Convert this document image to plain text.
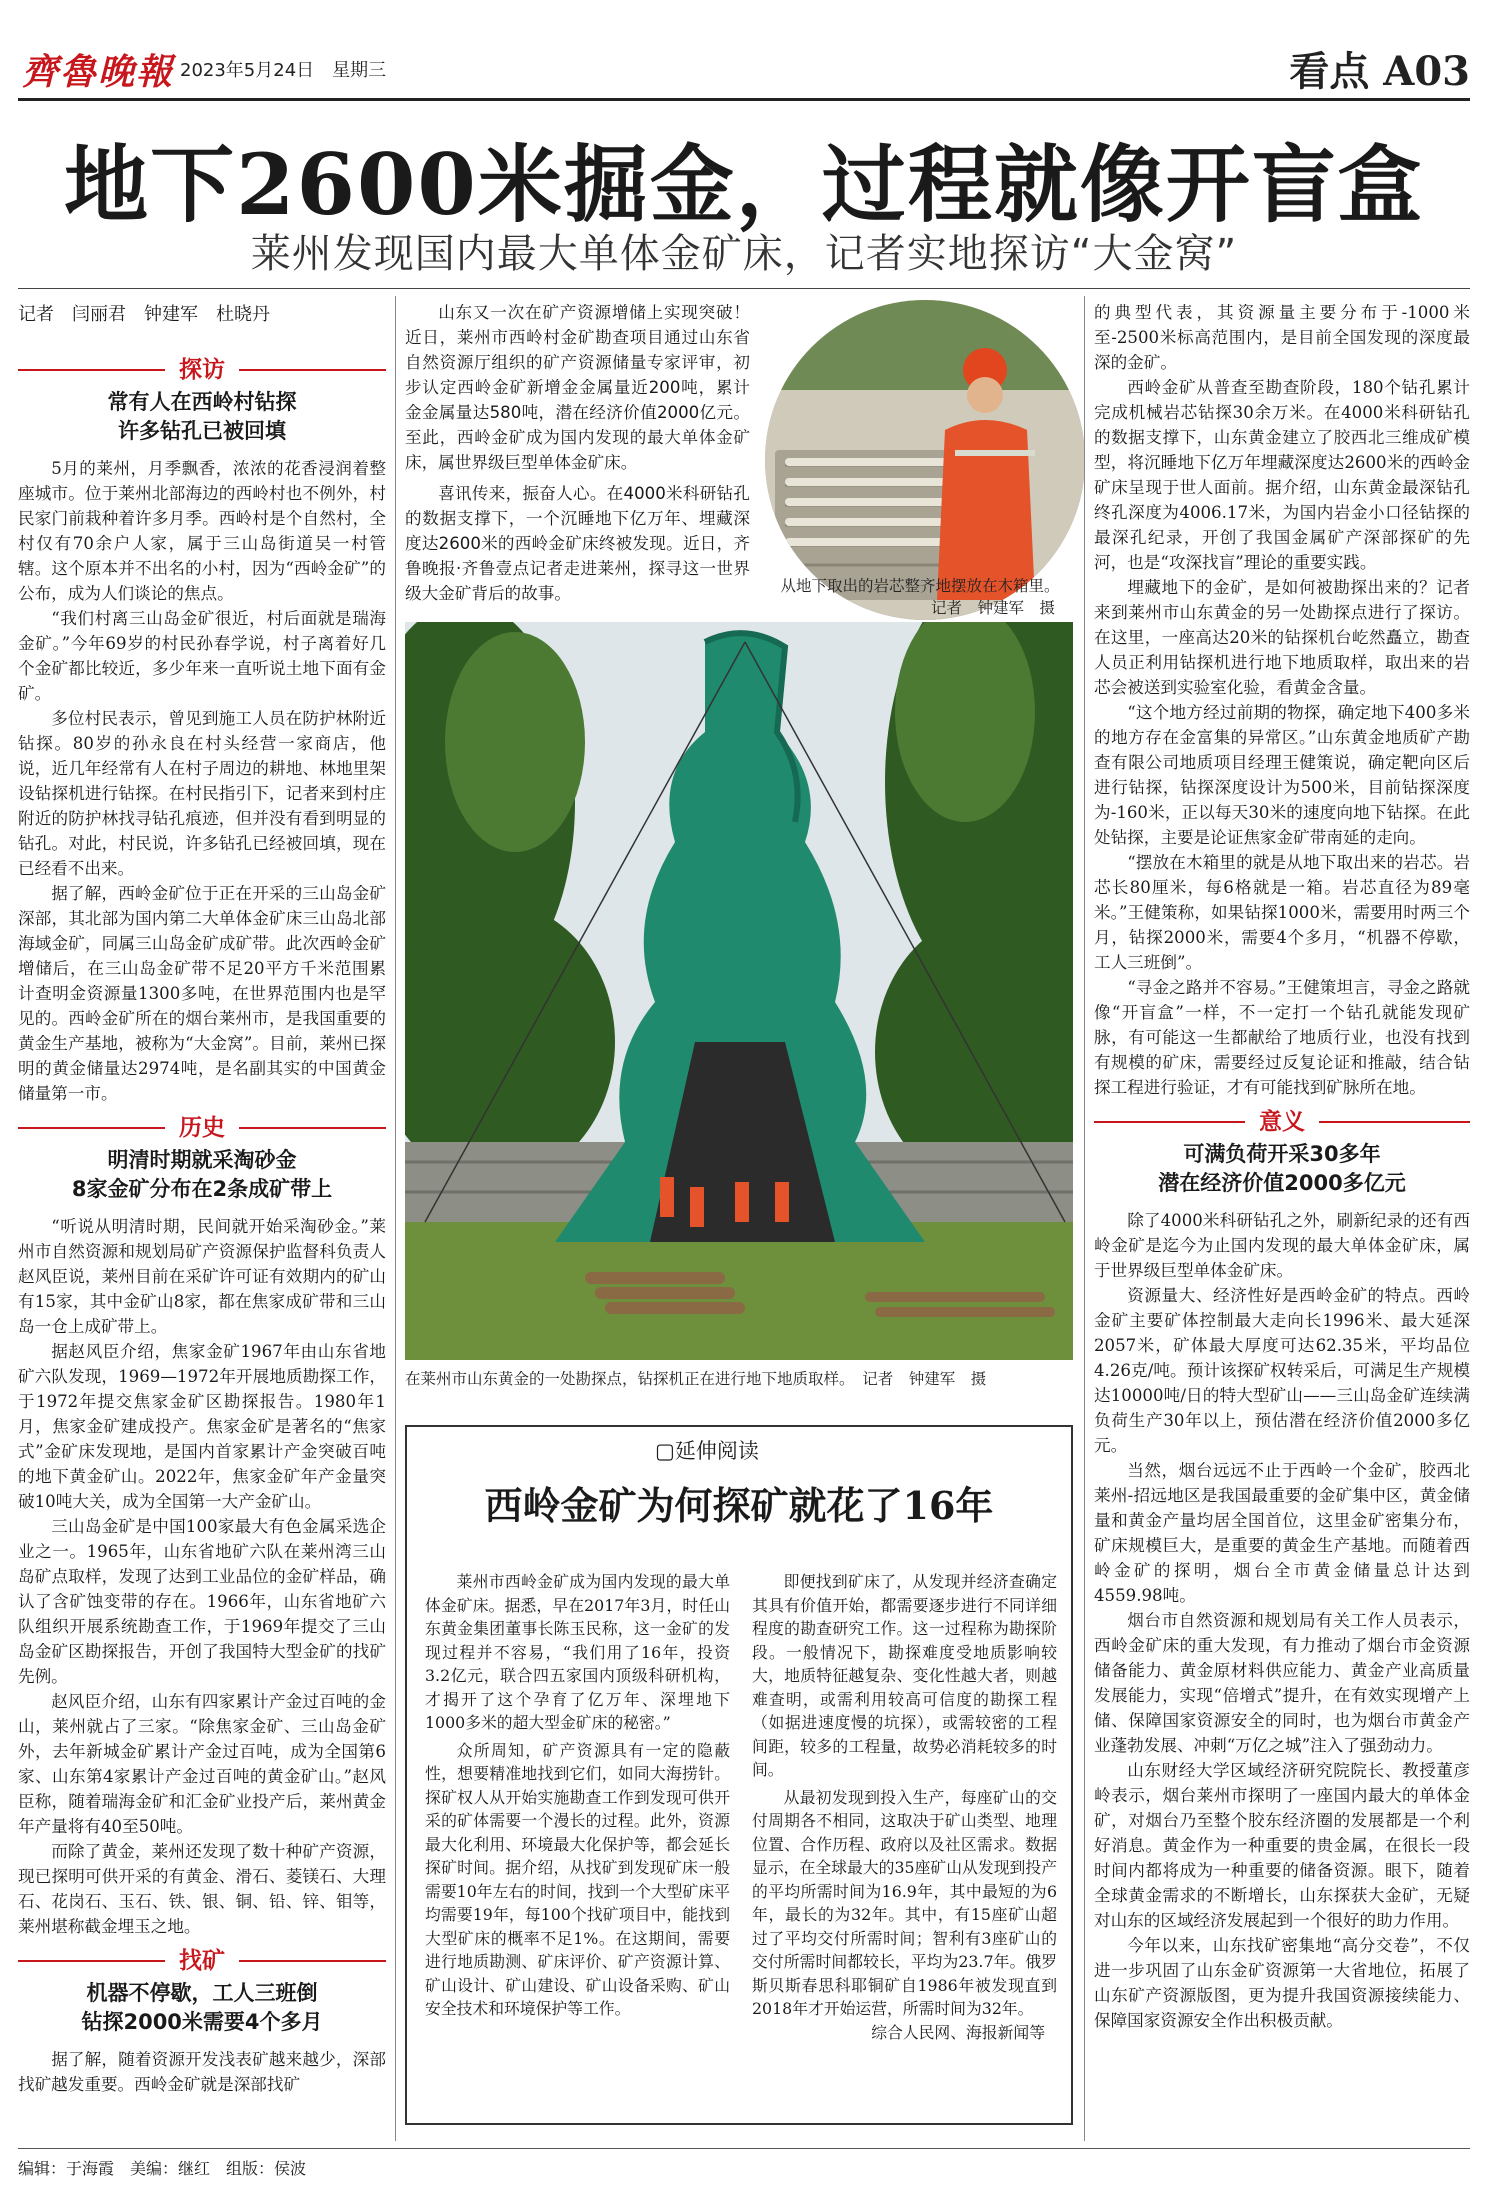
齊魯晚報 2023年5月24日　星期三	看点 A03
地下2600米掘金，过程就像开盲盒
莱州发现国内最大单体金矿床，记者实地探访“大金窝”
记者　闫丽君　钟建军　杜晓丹
探访
常有人在西岭村钻探
许多钻孔已被回填

5月的莱州，月季飘香，浓浓的花香浸润着整座城市。位于莱州北部海边的西岭村也不例外，村民家门前栽种着许多月季。西岭村是个自然村，全村仅有70余户人家，属于三山岛街道吴一村管辖。这个原本并不出名的小村，因为“西岭金矿”的公布，成为人们谈论的焦点。

“我们村离三山岛金矿很近，村后面就是瑞海金矿。”今年69岁的村民孙春学说，村子离着好几个金矿都比较近，多少年来一直听说土地下面有金矿。

多位村民表示，曾见到施工人员在防护林附近钻探。80岁的孙永良在村头经营一家商店，他说，近几年经常有人在村子周边的耕地、林地里架设钻探机进行钻探。在村民指引下，记者来到村庄附近的防护林找寻钻孔痕迹，但并没有看到明显的钻孔。对此，村民说，许多钻孔已经被回填，现在已经看不出来。

据了解，西岭金矿位于正在开采的三山岛金矿深部，其北部为国内第二大单体金矿床三山岛北部海域金矿，同属三山岛金矿成矿带。此次西岭金矿增储后，在三山岛金矿带不足20平方千米范围累计查明金资源量1300多吨，在世界范围内也是罕见的。西岭金矿所在的烟台莱州市，是我国重要的黄金生产基地，被称为“大金窝”。目前，莱州已探明的黄金储量达2974吨，是名副其实的中国黄金储量第一市。

历史
明清时期就采淘砂金
8家金矿分布在2条成矿带上

“听说从明清时期，民间就开始采淘砂金。”莱州市自然资源和规划局矿产资源保护监督科负责人赵风臣说，莱州目前在采矿许可证有效期内的矿山有15家，其中金矿山8家，都在焦家成矿带和三山岛一仓上成矿带上。

据赵风臣介绍，焦家金矿1967年由山东省地矿六队发现，1969—1972年开展地质勘探工作，于1972年提交焦家金矿区勘探报告。1980年1月，焦家金矿建成投产。焦家金矿是著名的“焦家式”金矿床发现地，是国内首家累计产金突破百吨的地下黄金矿山。2022年，焦家金矿年产金量突破10吨大关，成为全国第一大产金矿山。

三山岛金矿是中国100家最大有色金属采选企业之一。1965年，山东省地矿六队在莱州湾三山岛矿点取样，发现了达到工业品位的金矿样品，确认了含矿蚀变带的存在。1966年，山东省地矿六队组织开展系统勘查工作，于1969年提交了三山岛金矿区勘探报告，开创了我国特大型金矿的找矿先例。

赵风臣介绍，山东有四家累计产金过百吨的金山，莱州就占了三家。“除焦家金矿、三山岛金矿外，去年新城金矿累计产金过百吨，成为全国第6家、山东第4家累计产金过百吨的黄金矿山。”赵风臣称，随着瑞海金矿和汇金矿业投产后，莱州黄金年产量将有40至50吨。

而除了黄金，莱州还发现了数十种矿产资源，现已探明可供开采的有黄金、滑石、菱镁石、大理石、花岗石、玉石、铁、银、铜、铅、锌、钼等，莱州堪称截金埋玉之地。

找矿
机器不停歇，工人三班倒
钻探2000米需要4个多月

据了解，随着资源开发浅表矿越来越少，深部找矿越发重要。西岭金矿就是深部找矿

山东又一次在矿产资源增储上实现突破！近日，莱州市西岭村金矿勘查项目通过山东省自然资源厅组织的矿产资源储量专家评审，初步认定西岭金矿新增金金属量近200吨，累计金金属量达580吨，潜在经济价值2000亿元。至此，西岭金矿成为国内发现的最大单体金矿床，属世界级巨型单体金矿床。

喜讯传来，振奋人心。在4000米科研钻孔的数据支撑下，一个沉睡地下亿万年、埋藏深度达2600米的西岭金矿床终被发现。近日，齐鲁晚报·齐鲁壹点记者走进莱州，探寻这一世界级大金矿背后的故事。	从地下取出的岩芯整齐地摆放在木箱里。
记者　钟建军　摄
在莱州市山东黄金的一处勘探点，钻探机正在进行地下地质取样。　记者　钟建军　摄
▢延伸阅读
西岭金矿为何探矿就花了16年

莱州市西岭金矿成为国内发现的最大单体金矿床。据悉，早在2017年3月，时任山东黄金集团董事长陈玉民称，这一金矿的发现过程并不容易，“我们用了16年，投资3.2亿元，联合四五家国内顶级科研机构，才揭开了这个孕育了亿万年、深埋地下1000多米的超大型金矿床的秘密。”

众所周知，矿产资源具有一定的隐蔽性，想要精准地找到它们，如同大海捞针。探矿权人从开始实施勘查工作到发现可供开采的矿体需要一个漫长的过程。此外，资源最大化利用、环境最大化保护等，都会延长探矿时间。据介绍，从找矿到发现矿床一般需要10年左右的时间，找到一个大型矿床平均需要19年，每100个找矿项目中，能找到大型矿床的概率不足1%。在这期间，需要进行地质勘测、矿床评价、矿产资源计算、矿山设计、矿山建设、矿山设备采购、矿山安全技术和环境保护等工作。

即便找到矿床了，从发现并经济查确定其具有价值开始，都需要逐步进行不同详细程度的勘查研究工作。这一过程称为勘探阶段。一般情况下，勘探难度受地质影响较大，地质特征越复杂、变化性越大者，则越难查明，或需利用较高可信度的勘探工程（如据进速度慢的坑探），或需较密的工程间距，较多的工程量，故势必消耗较多的时间。

从最初发现到投入生产，每座矿山的交付周期各不相同，这取决于矿山类型、地理位置、合作历程、政府以及社区需求。数据显示，在全球最大的35座矿山从发现到投产的平均所需时间为16.9年，其中最短的为6年，最长的为32年。其中，有15座矿山超过了平均交付所需时间；智利有3座矿山的交付所需时间都较长，平均为23.7年。俄罗斯贝斯春思科耶铜矿自1986年被发现直到2018年才开始运营，所需时间为32年。

综合人民网、海报新闻等

的典型代表，其资源量主要分布于-1000米至-2500米标高范围内，是目前全国发现的深度最深的金矿。

西岭金矿从普查至勘查阶段，180个钻孔累计完成机械岩芯钻探30余万米。在4000米科研钻孔的数据支撑下，山东黄金建立了胶西北三维成矿模型，将沉睡地下亿万年埋藏深度达2600米的西岭金矿床呈现于世人面前。据介绍，山东黄金最深钻孔终孔深度为4006.17米，为国内岩金小口径钻探的最深孔纪录，开创了我国金属矿产深部探矿的先河，也是“攻深找盲”理论的重要实践。

埋藏地下的金矿，是如何被勘探出来的？记者来到莱州市山东黄金的另一处勘探点进行了探访。在这里，一座高达20米的钻探机台屹然矗立，勘查人员正利用钻探机进行地下地质取样，取出来的岩芯会被送到实验室化验，看黄金含量。

“这个地方经过前期的物探，确定地下400多米的地方存在金富集的异常区。”山东黄金地质矿产勘查有限公司地质项目经理王健策说，确定靶向区后进行钻探，钻探深度设计为500米，目前钻探深度为-160米，正以每天30米的速度向地下钻探。在此处钻探，主要是论证焦家金矿带南延的走向。

“摆放在木箱里的就是从地下取出来的岩芯。岩芯长80厘米，每6格就是一箱。岩芯直径为89毫米。”王健策称，如果钻探1000米，需要用时两三个月，钻探2000米，需要4个多月，“机器不停歇，工人三班倒”。

“寻金之路并不容易。”王健策坦言，寻金之路就像“开盲盒”一样，不一定打一个钻孔就能发现矿脉，有可能这一生都献给了地质行业，也没有找到有规模的矿床，需要经过反复论证和推敲，结合钻探工程进行验证，才有可能找到矿脉所在地。

意义
可满负荷开采30多年
潜在经济价值2000多亿元

除了4000米科研钻孔之外，刷新纪录的还有西岭金矿是迄今为止国内发现的最大单体金矿床，属于世界级巨型单体金矿床。

资源量大、经济性好是西岭金矿的特点。西岭金矿主要矿体控制最大走向长1996米、最大延深2057米，矿体最大厚度可达62.35米，平均品位4.26克/吨。预计该探矿权转采后，可满足生产规模达10000吨/日的特大型矿山——三山岛金矿连续满负荷生产30年以上，预估潜在经济价值2000多亿元。

当然，烟台远远不止于西岭一个金矿，胶西北莱州-招远地区是我国最重要的金矿集中区，黄金储量和黄金产量均居全国首位，这里金矿密集分布，矿床规模巨大，是重要的黄金生产基地。而随着西岭金矿的探明，烟台全市黄金储量总计达到4559.98吨。

烟台市自然资源和规划局有关工作人员表示，西岭金矿床的重大发现，有力推动了烟台市金资源储备能力、黄金原材料供应能力、黄金产业高质量发展能力，实现“倍增式”提升，在有效实现增产上储、保障国家资源安全的同时，也为烟台市黄金产业蓬勃发展、冲刺“万亿之城”注入了强劲动力。

山东财经大学区域经济研究院院长、教授董彦岭表示，烟台莱州市探明了一座国内最大的单体金矿，对烟台乃至整个胶东经济圈的发展都是一个利好消息。黄金作为一种重要的贵金属，在很长一段时间内都将成为一种重要的储备资源。眼下，随着全球黄金需求的不断增长，山东探获大金矿，无疑对山东的区域经济发展起到一个很好的助力作用。

今年以来，山东找矿密集地“高分交卷”，不仅进一步巩固了山东金矿资源第一大省地位，拓展了山东矿产资源版图，更为提升我国资源接续能力、保障国家资源安全作出积极贡献。

编辑：于海霞　美编：继红　组版：侯波
